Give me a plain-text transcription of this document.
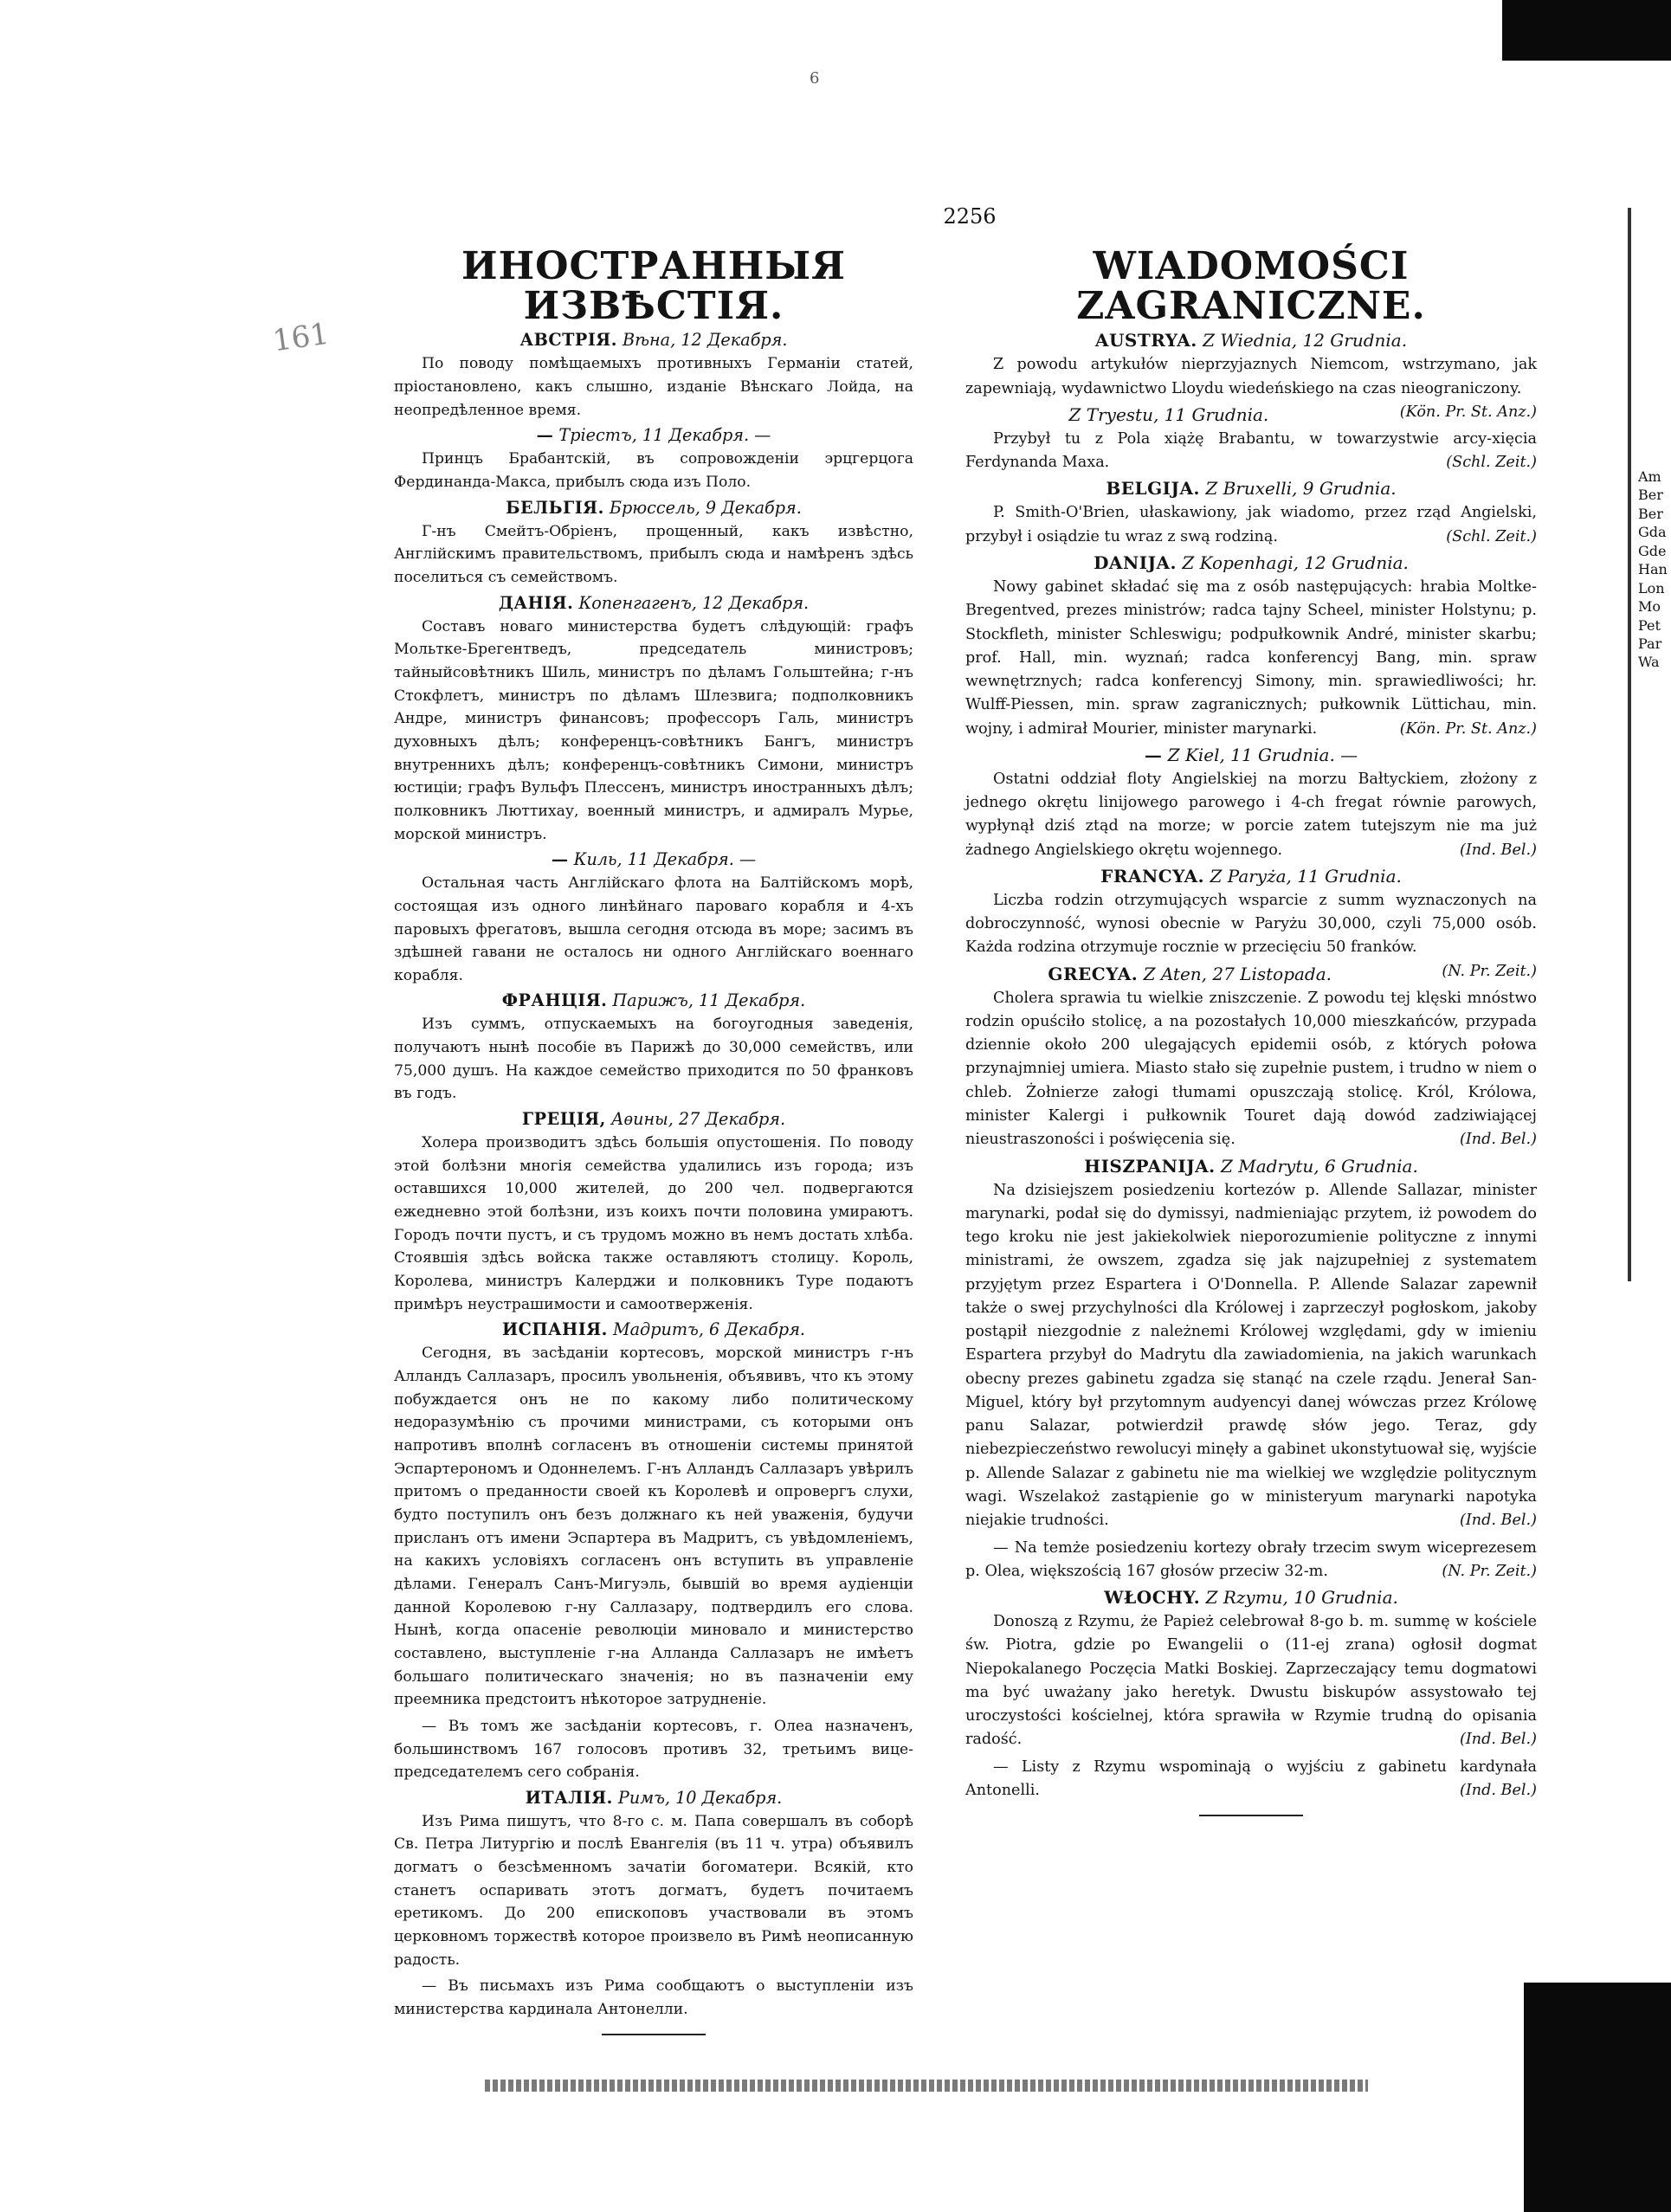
Am
Ber
Ber
Gda
Gde
Han
Lon
Mo
Pet
Par
Wa
6
161
2256
ИНОСТРАННЫЯ ИЗВѢСТІЯ.
АВСТРІЯ. Вѣна, 12 Декабря.

По поводу помѣщаемыхъ противныхъ Германіи статей, пріостановлено, какъ слышно, изданіе Вѣнскаго Лойда, на неопредѣленное время.

— Тріестъ, 11 Декабря. —

Принцъ Брабантскій, въ сопровожденіи эрцгерцога Фердинанда-Макса, прибылъ сюда изъ Поло.

БЕЛЬГІЯ. Брюссель, 9 Декабря.

Г-нъ Смейтъ-Обріенъ, прощенный, какъ извѣстно, Англійскимъ правительствомъ, прибылъ сюда и намѣренъ здѣсь поселиться съ семействомъ.

ДАНІЯ. Копенгагенъ, 12 Декабря.

Составъ новаго министерства будетъ слѣдующій: графъ Мольтке-Брегентведъ, председатель министровъ; тайныйсовѣтникъ Шиль, министръ по дѣламъ Гольштейна; г-нъ Стокфлетъ, министръ по дѣламъ Шлезвига; подполковникъ Андре, министръ финансовъ; профессоръ Галь, министръ духовныхъ дѣлъ; конференцъ-совѣтникъ Бангъ, министръ внутреннихъ дѣлъ; конференцъ-совѣтникъ Симони, министръ юстиціи; графъ Вульфъ Плессенъ, министръ иностранныхъ дѣлъ; полковникъ Люттихау, военный министръ, и адмиралъ Мурье, морской министръ.

— Киль, 11 Декабря. —

Остальная часть Англійскаго флота на Балтійскомъ морѣ, состоящая изъ одного линѣйнаго пароваго корабля и 4-хъ паровыхъ фрегатовъ, вышла сегодня отсюда въ море; засимъ въ здѣшней гавани не осталось ни одного Англійскаго военнаго корабля.

ФРАНЦІЯ. Парижъ, 11 Декабря.

Изъ суммъ, отпускаемыхъ на богоугодныя заведенія, получаютъ нынѣ пособіе въ Парижѣ до 30,000 семействъ, или 75,000 душъ. На каждое семейство приходится по 50 франковъ въ годъ.

ГРЕЦІЯ, Аѳины, 27 Декабря.

Холера производитъ здѣсь большія опустошенія. По поводу этой болѣзни многія семейства удалились изъ города; изъ оставшихся 10,000 жителей, до 200 чел. подвергаются ежедневно этой болѣзни, изъ коихъ почти половина умираютъ. Городъ почти пустъ, и съ трудомъ можно въ немъ достать хлѣба. Стоявшія здѣсь войска также оставляютъ столицу. Король, Королева, министръ Калерджи и полковникъ Туре подаютъ примѣръ неустрашимости и самоотверженія.

ИСПАНІЯ. Мадритъ, 6 Декабря.

Сегодня, въ засѣданіи кортесовъ, морской министръ г-нъ Алландъ Саллазаръ, просилъ увольненія, объявивъ, что къ этому побуждается онъ не по какому либо политическому недоразумѣнію съ прочими министрами, съ которыми онъ напротивъ вполнѣ согласенъ въ отношеніи системы принятой Эспартерономъ и Одоннелемъ. Г-нъ Алландъ Саллазаръ увѣрилъ притомъ о преданности своей къ Королевѣ и опровергъ слухи, будто поступилъ онъ безъ должнаго къ ней уваженія, будучи присланъ отъ имени Эспартера въ Мадритъ, съ увѣдомленіемъ, на какихъ условіяхъ согласенъ онъ вступить въ управленіе дѣлами. Генералъ Санъ-Мигуэль, бывшій во время аудіенціи данной Королевою г-ну Саллазару, подтвердилъ его слова. Нынѣ, когда опасеніе революціи миновало и министерство составлено, выступленіе г-на Алланда Саллазаръ не имѣетъ большаго политическаго значенія; но въ пазначеніи ему преемника предстоитъ нѣкоторое затрудненіе.

— Въ томъ же засѣданіи кортесовъ, г. Олеа назначенъ, большинствомъ 167 голосовъ противъ 32, третьимъ вице-председателемъ сего собранія.

ИТАЛІЯ. Римъ, 10 Декабря.

Изъ Рима пишутъ, что 8-го с. м. Папа совершалъ въ соборѣ Св. Петра Литургію и послѣ Евангелія (въ 11 ч. утра) объявилъ догматъ о безсѣменномъ зачатіи богоматери. Всякій, кто станетъ оспаривать этотъ догматъ, будетъ почитаемъ еретикомъ. До 200 епископовъ участвовали въ этомъ церковномъ торжествѣ которое произвело въ Римѣ неописанную радость.

— Въ письмахъ изъ Рима сообщаютъ о выступленіи изъ министерства кардинала Антонелли.

WIADOMOŚCI ZAGRANICZNE.
AUSTRYA. Z Wiednia, 12 Grudnia.

Z powodu artykułów nieprzyjaznych Niemcom, wstrzymano, jak zapewniają, wydawnictwo Lloydu wiedeńskiego na czas nieograniczony.
(Kön. Pr. St. Anz.)

Z Tryestu, 11 Grudnia.

Przybył tu z Pola xiążę Brabantu, w towarzystwie arcy-xięcia Ferdynanda Maxa.	(Schl. Zeit.)

BELGIJA. Z Bruxelli, 9 Grudnia.

P. Smith-O'Brien, ułaskawiony, jak wiadomo, przez rząd Angielski, przybył i osiądzie tu wraz z swą rodziną.	(Schl. Zeit.)

DANIJA. Z Kopenhagi, 12 Grudnia.

Nowy gabinet składać się ma z osób następujących: hrabia Moltke-Bregentved, prezes ministrów; radca tajny Scheel, minister Holstynu; p. Stockfleth, minister Schleswigu; podpułkownik André, minister skarbu; prof. Hall, min. wyznań; radca konferencyj Bang, min. spraw wewnętrznych; radca konferencyj Simony, min. sprawiedliwości; hr. Wulff-Piessen, min. spraw zagranicznych; pułkownik Lüttichau, min. wojny, i admirał Mourier, minister marynarki.	(Kön. Pr. St. Anz.)

— Z Kiel, 11 Grudnia. —

Ostatni oddział floty Angielskiej na morzu Bałtyckiem, złożony z jednego okrętu linijowego parowego i 4-ch fregat równie parowych, wypłynął dziś ztąd na morze; w porcie zatem tutejszym nie ma już żadnego Angielskiego okrętu wojennego.	(Ind. Bel.)

FRANCYA. Z Paryża, 11 Grudnia.

Liczba rodzin otrzymujących wsparcie z summ wyznaczonych na dobroczynność, wynosi obecnie w Paryżu 30,000, czyli 75,000 osób. Każda rodzina otrzymuje rocznie w przecięciu 50 franków.
(N. Pr. Zeit.)

GRECYA. Z Aten, 27 Listopada.

Cholera sprawia tu wielkie zniszczenie. Z powodu tej klęski mnóstwo rodzin opuściło stolicę, a na pozostałych 10,000 mieszkańców, przypada dziennie około 200 ulegających epidemii osób, z których połowa przynajmniej umiera. Miasto stało się zupełnie pustem, i trudno w niem o chleb. Żołnierze załogi tłumami opuszczają stolicę. Król, Królowa, minister Kalergi i pułkownik Touret dają dowód zadziwiającej nieustraszoności i poświęcenia się.	(Ind. Bel.)

HISZPANIJA. Z Madrytu, 6 Grudnia.

Na dzisiejszem posiedzeniu kortezów p. Allende Sallazar, minister marynarki, podał się do dymissyi, nadmieniając przytem, iż powodem do tego kroku nie jest jakiekolwiek nieporozumienie polityczne z innymi ministrami, że owszem, zgadza się jak najzupełniej z systematem przyjętym przez Espartera i O'Donnella. P. Allende Salazar zapewnił także o swej przychylności dla Królowej i zaprzeczył pogłoskom, jakoby postąpił niezgodnie z należnemi Królowej względami, gdy w imieniu Espartera przybył do Madrytu dla zawiadomienia, na jakich warunkach obecny prezes gabinetu zgadza się stanąć na czele rządu. Jenerał San-Miguel, który był przytomnym audyencyi danej wówczas przez Królowę panu Salazar, potwierdził prawdę słów jego. Teraz, gdy niebezpieczeństwo rewolucyi minęły a gabinet ukonstytuował się, wyjście p. Allende Salazar z gabinetu nie ma wielkiej we względzie politycznym wagi. Wszelakoż zastąpienie go w ministeryum marynarki napotyka niejakie trudności.	(Ind. Bel.)

— Na temże posiedzeniu kortezy obrały trzecim swym wiceprezesem p. Olea, większością 167 głosów przeciw 32-m.	(N. Pr. Zeit.)

WŁOCHY. Z Rzymu, 10 Grudnia.

Donoszą z Rzymu, że Papież celebrował 8-go b. m. summę w kościele św. Piotra, gdzie po Ewangelii o (11-ej zrana) ogłosił dogmat Niepokalanego Poczęcia Matki Boskiej. Zaprzeczający temu dogmatowi ma być uważany jako heretyk. Dwustu biskupów assystowało tej uroczystości kościelnej, która sprawiła w Rzymie trudną do opisania radość.	(Ind. Bel.)

— Listy z Rzymu wspominają o wyjściu z gabinetu kardynała Antonelli.	(Ind. Bel.)
